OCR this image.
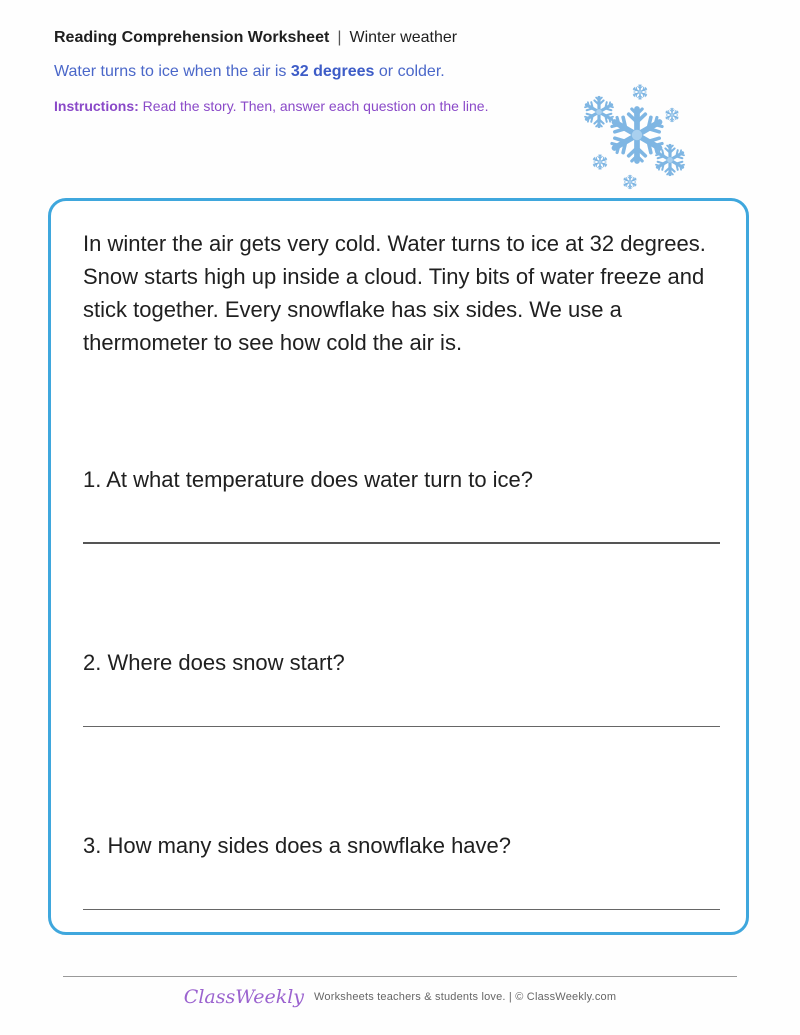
Reading Comprehension Worksheet | Winter weather
Water turns to ice when the air is 32 degrees or colder.
Instructions: Read the story. Then, answer each question on the line.
In winter the air gets very cold. Water turns to ice at 32 degrees. Snow starts high up inside a cloud. Tiny bits of water freeze and stick together. Every snowflake has six sides. We use a thermometer to see how cold the air is.
1. At what temperature does water turn to ice?
2. Where does snow start?
3. How many sides does a snowflake have?
ClassWeekly Worksheets teachers & students love. | © ClassWeekly.com
